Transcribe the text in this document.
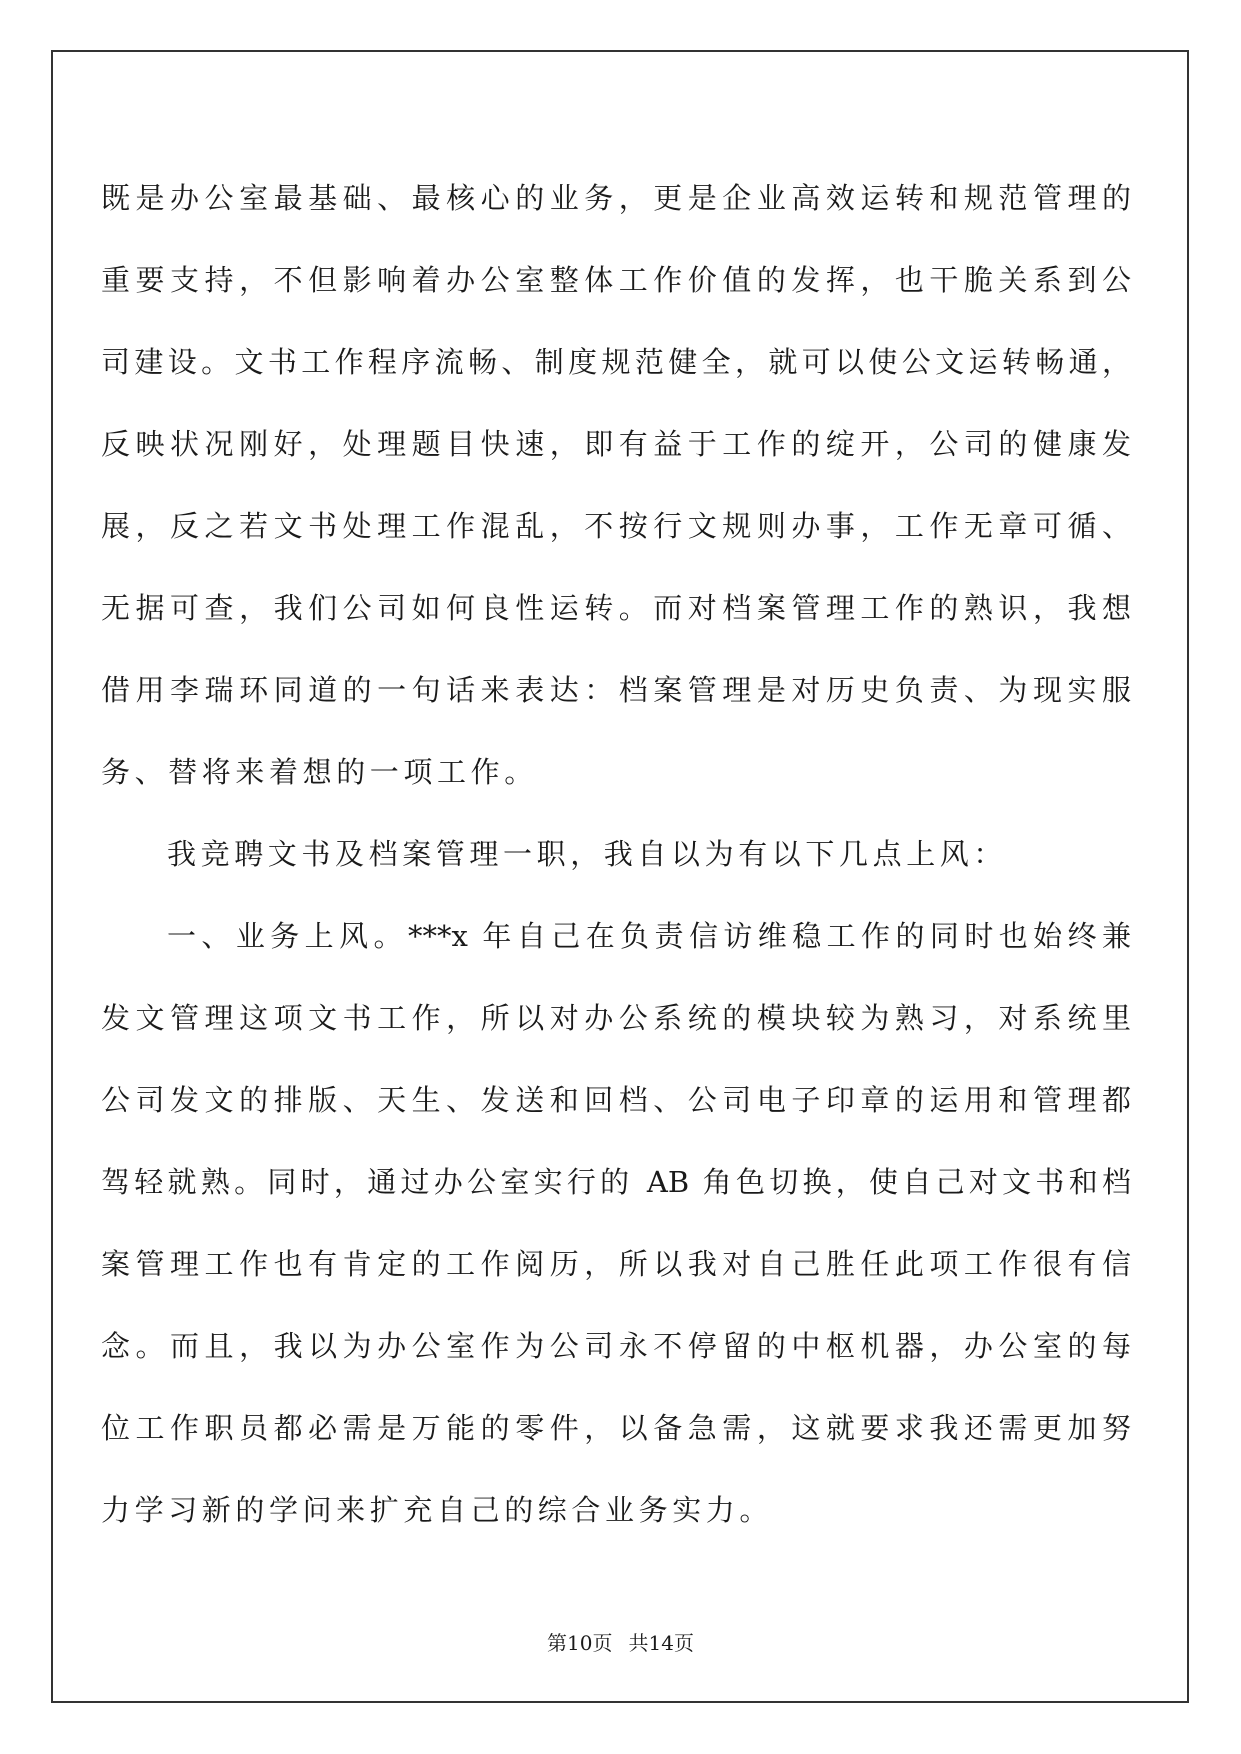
既是办公室最基础、最核心的业务，更是企业高效运转和规范管理的
重要支持，不但影响着办公室整体工作价值的发挥，也干脆关系到公
司建设。文书工作程序流畅、制度规范健全，就可以使公文运转畅通，
反映状况刚好，处理题目快速，即有益于工作的绽开，公司的健康发
展，反之若文书处理工作混乱，不按行文规则办事，工作无章可循、
无据可查，我们公司如何良性运转。而对档案管理工作的熟识，我想
借用李瑞环同道的一句话来表达：档案管理是对历史负责、为现实服
务、替将来着想的一项工作。
我竞聘文书及档案管理一职，我自以为有以下几点上风：
一、业务上风。***x 年自己在负责信访维稳工作的同时也始终兼
发文管理这项文书工作，所以对办公系统的模块较为熟习，对系统里
公司发文的排版、天生、发送和回档、公司电子印章的运用和管理都
驾轻就熟。同时，通过办公室实行的 AB 角色切换，使自己对文书和档
案管理工作也有肯定的工作阅历，所以我对自己胜任此项工作很有信
念。而且，我以为办公室作为公司永不停留的中枢机器，办公室的每
位工作职员都必需是万能的零件，以备急需，这就要求我还需更加努
力学习新的学问来扩充自己的综合业务实力。
第10页 共14页
